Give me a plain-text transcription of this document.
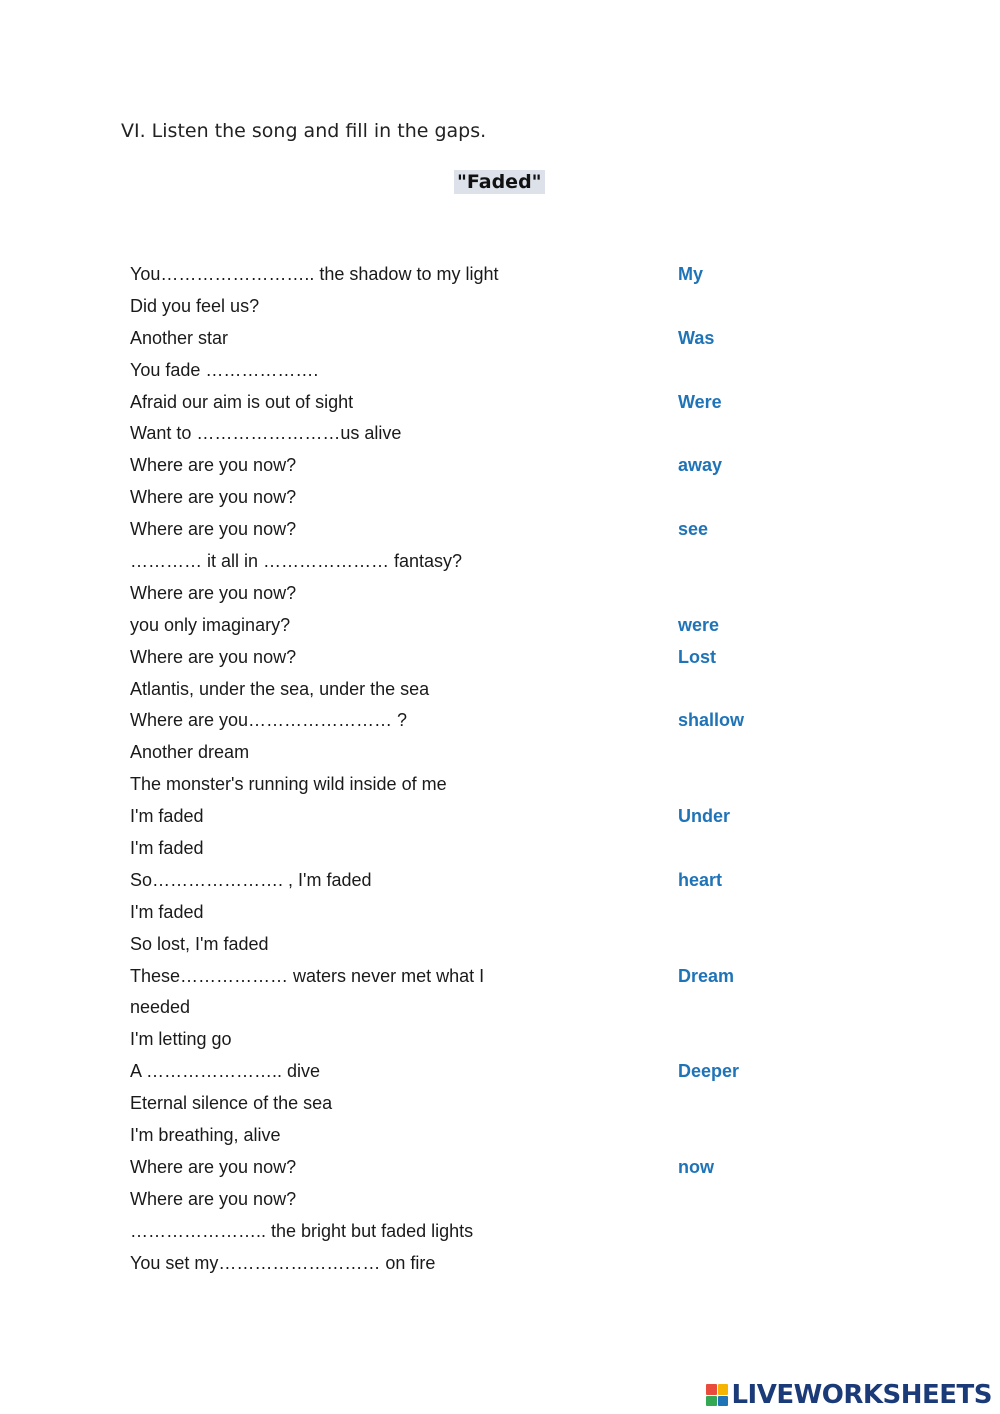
VI. Listen the song and fill in the gaps.
"Faded"
You…………………….. the shadow to my light
Did you feel us?
Another star
You fade ……………….
Afraid our aim is out of sight
Want to ……………………us alive
Where are you now?
Where are you now?
Where are you now?
………… it all in ………………… fantasy?
Where are you now?
you only imaginary?
Where are you now?
Atlantis, under the sea, under the sea
Where are you…………………… ?
Another dream
The monster's running wild inside of me
I'm faded
I'm faded
So…………………. , I'm faded
I'm faded
So lost, I'm faded
These……………… waters never met what I
needed
I'm letting go
A ………………….. dive
Eternal silence of the sea
I'm breathing, alive
Where are you now?
Where are you now?
………………….. the bright but faded lights
You set my……………………… on fire
My
Was
Were
away
see
were
Lost
shallow
Under
heart
Dream
Deeper
now
LIVEWORKSHEETS
